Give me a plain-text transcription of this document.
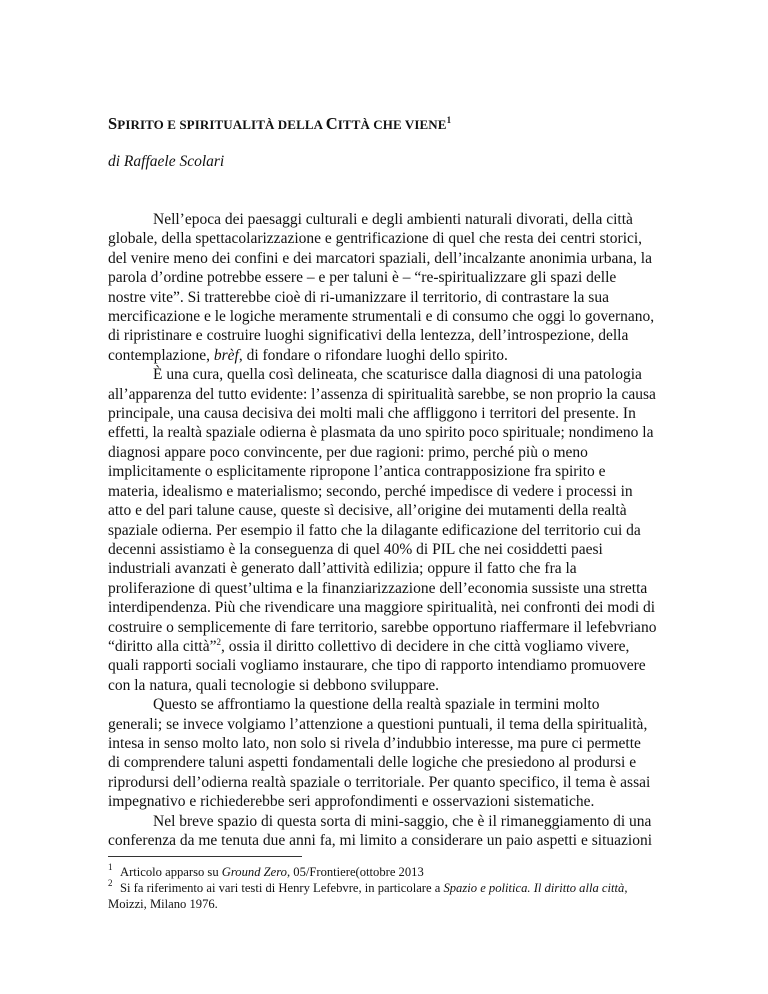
SPIRITO E SPIRITUALITÀ DELLA CITTÀ CHE VIENE$^1$

di Raffaele Scolari

Nell’epoca dei paesaggi culturali e degli ambienti naturali divorati, della città

globale, della spettacolarizzazione e gentrificazione di quel che resta dei centri storici,

del venire meno dei confini e dei marcatori spaziali, dell’incalzante anonimia urbana, la

parola d’ordine potrebbe essere – e per taluni è – “re-spiritualizzare gli spazi delle

nostre vite”. Si tratterebbe cioè di ri-umanizzare il territorio, di contrastare la sua

mercificazione e le logiche meramente strumentali e di consumo che oggi lo governano,

di ripristinare e costruire luoghi significativi della lentezza, dell’introspezione, della

contemplazione, brèf, di fondare o rifondare luoghi dello spirito.

È una cura, quella così delineata, che scaturisce dalla diagnosi di una patologia

all’apparenza del tutto evidente: l’assenza di spiritualità sarebbe, se non proprio la causa

principale, una causa decisiva dei molti mali che affliggono i territori del presente. In

effetti, la realtà spaziale odierna è plasmata da uno spirito poco spirituale; nondimeno la

diagnosi appare poco convincente, per due ragioni: primo, perché più o meno

implicitamente o esplicitamente ripropone l’antica contrapposizione fra spirito e

materia, idealismo e materialismo; secondo, perché impedisce di vedere i processi in

atto e del pari talune cause, queste sì decisive, all’origine dei mutamenti della realtà

spaziale odierna. Per esempio il fatto che la dilagante edificazione del territorio cui da

decenni assistiamo è la conseguenza di quel 40% di PIL che nei cosiddetti paesi

industriali avanzati è generato dall’attività edilizia; oppure il fatto che fra la

proliferazione di quest’ultima e la finanziarizzazione dell’economia sussiste una stretta

interdipendenza. Più che rivendicare una maggiore spiritualità, nei confronti dei modi di

costruire o semplicemente di fare territorio, sarebbe opportuno riaffermare il lefebvriano

“diritto alla città”$^2$, ossia il diritto collettivo di decidere in che città vogliamo vivere,

quali rapporti sociali vogliamo instaurare, che tipo di rapporto intendiamo promuovere

con la natura, quali tecnologie si debbono sviluppare.

Questo se affrontiamo la questione della realtà spaziale in termini molto

generali; se invece volgiamo l’attenzione a questioni puntuali, il tema della spiritualità,

intesa in senso molto lato, non solo si rivela d’indubbio interesse, ma pure ci permette

di comprendere taluni aspetti fondamentali delle logiche che presiedono al prodursi e

riprodursi dell’odierna realtà spaziale o territoriale. Per quanto specifico, il tema è assai

impegnativo e richiederebbe seri approfondimenti e osservazioni sistematiche.

Nel breve spazio di questa sorta di mini-saggio, che è il rimaneggiamento di una

conferenza da me tenuta due anni fa, mi limito a considerare un paio aspetti e situazioni

$^1$ Articolo apparso su Ground Zero, 05/Frontiere(ottobre 2013

$^2$ Si fa riferimento ai vari testi di Henry Lefebvre, in particolare a Spazio e politica. Il diritto alla città,

Moizzi, Milano 1976.
